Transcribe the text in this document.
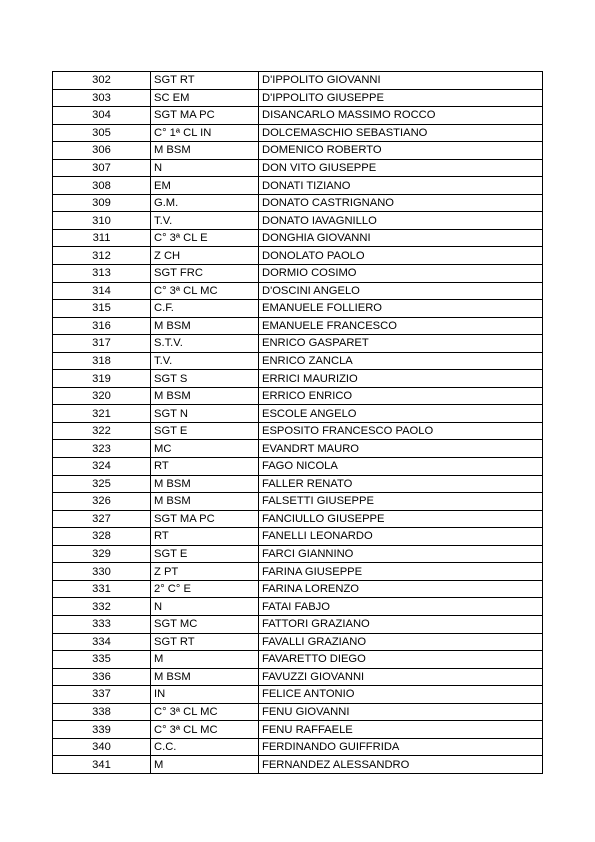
302	SGT RT	D'IPPOLITO GIOVANNI
303	SC EM	D'IPPOLITO GIUSEPPE
304	SGT MA PC	DISANCARLO MASSIMO ROCCO
305	C° 1ª CL IN	DOLCEMASCHIO SEBASTIANO
306	M BSM	DOMENICO ROBERTO
307	N	DON VITO GIUSEPPE
308	EM	DONATI TIZIANO
309	G.M.	DONATO CASTRIGNANO
310	T.V.	DONATO IAVAGNILLO
311	C° 3ª CL E	DONGHIA GIOVANNI
312	Z CH	DONOLATO PAOLO
313	SGT FRC	DORMIO COSIMO
314	C° 3ª CL MC	D'OSCINI ANGELO
315	C.F.	EMANUELE FOLLIERO
316	M BSM	EMANUELE FRANCESCO
317	S.T.V.	ENRICO GASPARET
318	T.V.	ENRICO ZANCLA
319	SGT S	ERRICI MAURIZIO
320	M BSM	ERRICO ENRICO
321	SGT N	ESCOLE ANGELO
322	SGT E	ESPOSITO FRANCESCO PAOLO
323	MC	EVANDRT MAURO
324	RT	FAGO NICOLA
325	M BSM	FALLER RENATO
326	M BSM	FALSETTI GIUSEPPE
327	SGT MA PC	FANCIULLO GIUSEPPE
328	RT	FANELLI LEONARDO
329	SGT E	FARCI GIANNINO
330	Z PT	FARINA GIUSEPPE
331	2° C° E	FARINA LORENZO
332	N	FATAI FABJO
333	SGT MC	FATTORI GRAZIANO
334	SGT RT	FAVALLI GRAZIANO
335	M	FAVARETTO DIEGO
336	M BSM	FAVUZZI GIOVANNI
337	IN	FELICE ANTONIO
338	C° 3ª CL MC	FENU GIOVANNI
339	C° 3ª CL MC	FENU RAFFAELE
340	C.C.	FERDINANDO GUIFFRIDA
341	M	FERNANDEZ ALESSANDRO
